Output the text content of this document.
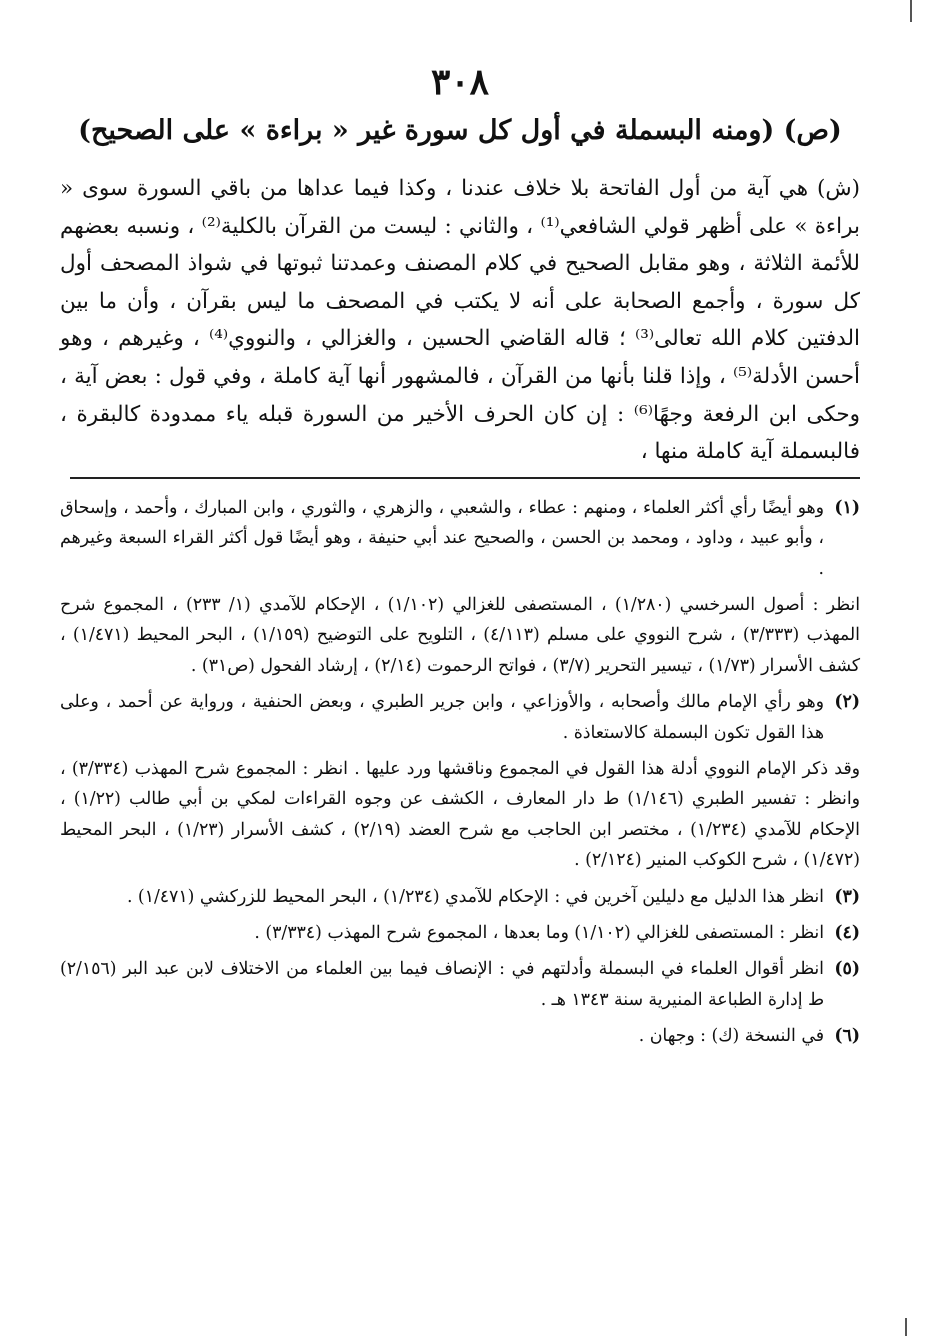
٣٠٨
(ص) (ومنه البسملة في أول كل سورة غير « براءة » على الصحيح)
(ش) هي آية من أول الفاتحة بلا خلاف عندنا ، وكذا فيما عداها من باقي السورة سوى « براءة » على أظهر قولي الشافعي⁽¹⁾ ، والثاني : ليست من القرآن بالكلية⁽²⁾ ، ونسبه بعضهم للأئمة الثلاثة ، وهو مقابل الصحيح في كلام المصنف وعمدتنا ثبوتها في شواذ المصحف أول كل سورة ، وأجمع الصحابة على أنه لا يكتب في المصحف ما ليس بقرآن ، وأن ما بين الدفتين كلام الله تعالى⁽³⁾ ؛ قاله القاضي الحسين ، والغزالي ، والنووي⁽⁴⁾ ، وغيرهم ، وهو أحسن الأدلة⁽⁵⁾ ، وإذا قلنا بأنها من القرآن ، فالمشهور أنها آية كاملة ، وفي قول : بعض آية ، وحكى ابن الرفعة وجهًا⁽⁶⁾ : إن كان الحرف الأخير من السورة قبله ياء ممدودة كالبقرة ، فالبسملة آية كاملة منها ،
(١)وهو أيضًا رأي أكثر العلماء ، ومنهم : عطاء ، والشعبي ، والزهري ، والثوري ، وابن المبارك ، وأحمد ، وإسحاق ، وأبو عبيد ، وداود ، ومحمد بن الحسن ، والصحيح عند أبي حنيفة ، وهو أيضًا قول أكثر القراء السبعة وغيرهم .
انظر : أصول السرخسي (١/٢٨٠) ، المستصفى للغزالي (١/١٠٢) ، الإحكام للآمدي (١/ ٢٣٣) ، المجموع شرح المهذب (٣/٣٣٣) ، شرح النووي على مسلم (٤/١١٣) ، التلويح على التوضيح (١/١٥٩) ، البحر المحيط (١/٤٧١) ، كشف الأسرار (١/٧٣) ، تيسير التحرير (٣/٧) ، فواتح الرحموت (٢/١٤) ، إرشاد الفحول (ص٣١) .
(٢)وهو رأي الإمام مالك وأصحابه ، والأوزاعي ، وابن جرير الطبري ، وبعض الحنفية ، ورواية عن أحمد ، وعلى هذا القول تكون البسملة كالاستعاذة .
وقد ذكر الإمام النووي أدلة هذا القول في المجموع وناقشها ورد عليها . انظر : المجموع شرح المهذب (٣/٣٣٤) ، وانظر : تفسير الطبري (١/١٤٦) ط دار المعارف ، الكشف عن وجوه القراءات لمكي بن أبي طالب (١/٢٢) ، الإحكام للآمدي (١/٢٣٤) ، مختصر ابن الحاجب مع شرح العضد (٢/١٩) ، كشف الأسرار (١/٢٣) ، البحر المحيط (١/٤٧٢) ، شرح الكوكب المنير (٢/١٢٤) .
(٣)انظر هذا الدليل مع دليلين آخرين في : الإحكام للآمدي (١/٢٣٤) ، البحر المحيط للزركشي (١/٤٧١) .
(٤)انظر : المستصفى للغزالي (١/١٠٢) وما بعدها ، المجموع شرح المهذب (٣/٣٣٤) .
(٥)انظر أقوال العلماء في البسملة وأدلتهم في : الإنصاف فيما بين العلماء من الاختلاف لابن عبد البر (٢/١٥٦) ط إدارة الطباعة المنيرية سنة ١٣٤٣ هـ .
(٦)في النسخة (ك) : وجهان .
